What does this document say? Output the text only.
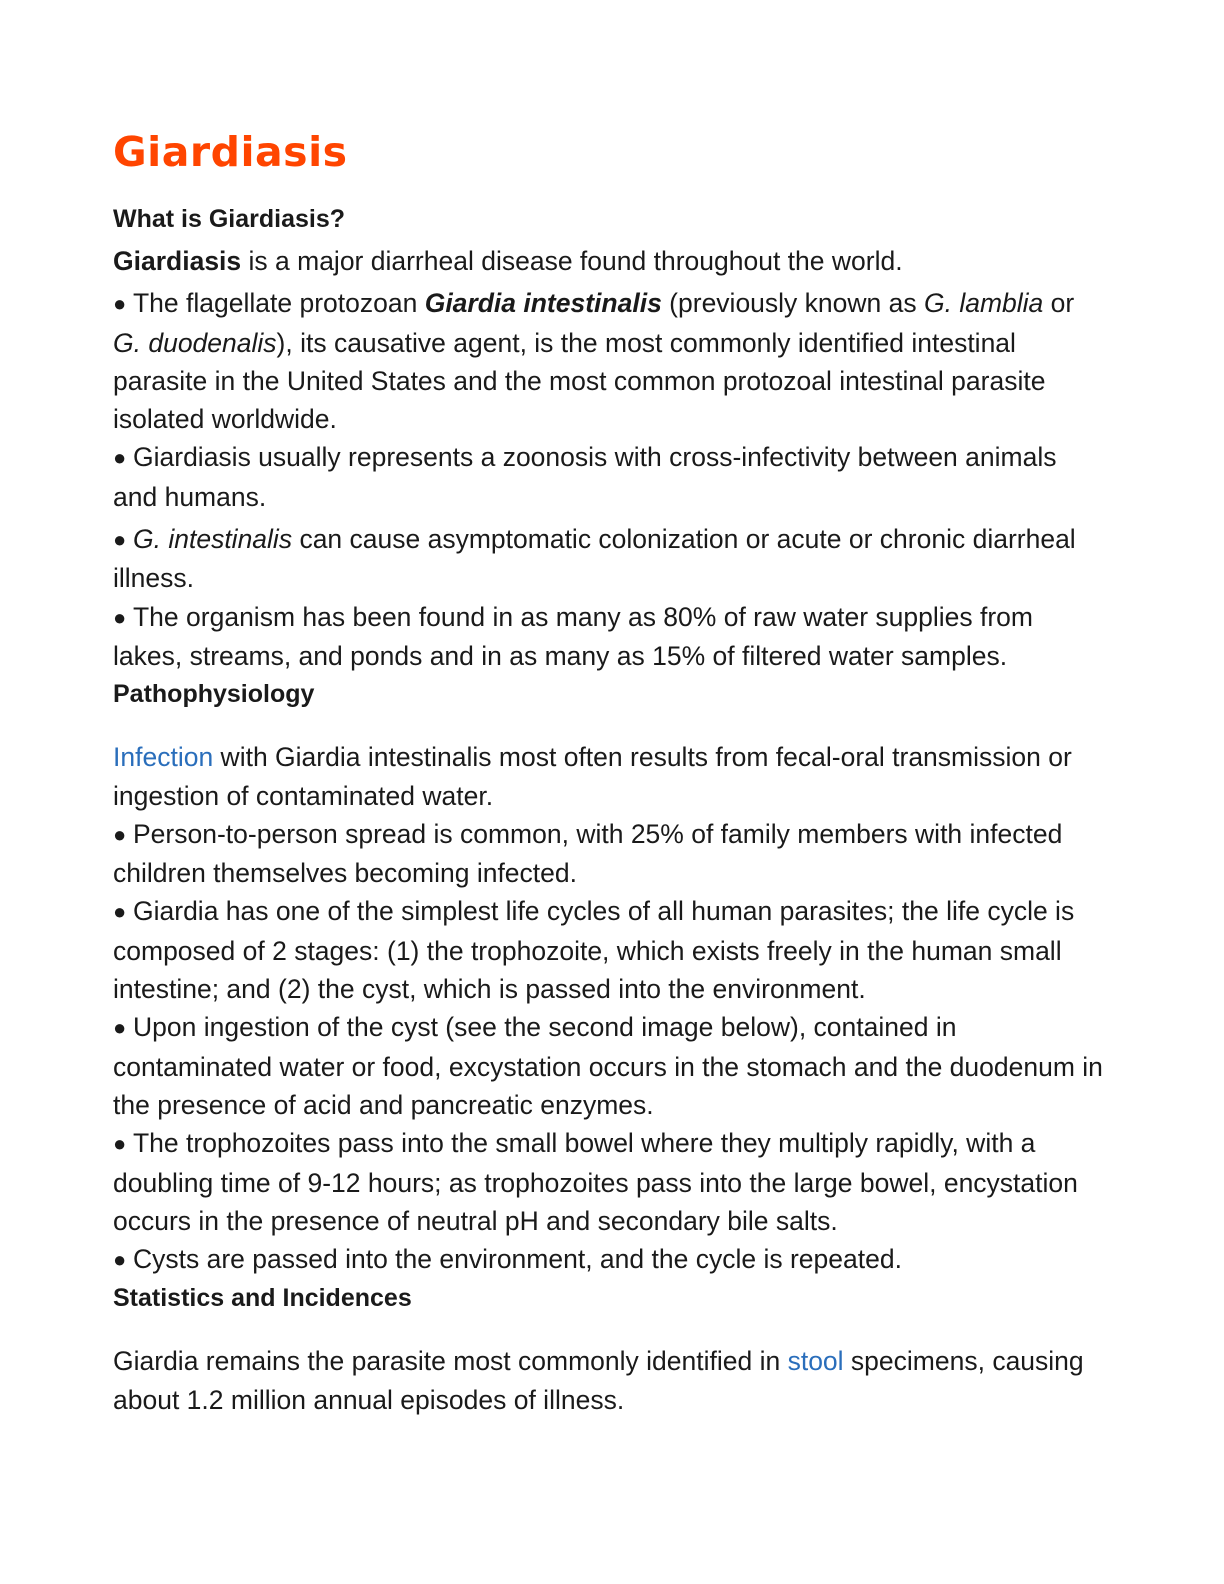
Giardiasis
What is Giardiasis?

Giardiasis is a major diarrheal disease found throughout the world.

● The flagellate protozoan Giardia intestinalis (previously known as G. lamblia or G. duodenalis), its causative agent, is the most commonly identified intestinal parasite in the United States and the most common protozoal intestinal parasite isolated worldwide.

● Giardiasis usually represents a zoonosis with cross-infectivity between animals and humans.

● G. intestinalis can cause asymptomatic colonization or acute or chronic diarrheal illness.

● The organism has been found in as many as 80% of raw water supplies from lakes, streams, and ponds and in as many as 15% of filtered water samples.

Pathophysiology

Infection with Giardia intestinalis most often results from fecal-oral transmission or ingestion of contaminated water.

● Person-to-person spread is common, with 25% of family members with infected children themselves becoming infected.

● Giardia has one of the simplest life cycles of all human parasites; the life cycle is composed of 2 stages: (1) the trophozoite, which exists freely in the human small intestine; and (2) the cyst, which is passed into the environment.

● Upon ingestion of the cyst (see the second image below), contained in contaminated water or food, excystation occurs in the stomach and the duodenum in the presence of acid and pancreatic enzymes.

● The trophozoites pass into the small bowel where they multiply rapidly, with a doubling time of 9-12 hours; as trophozoites pass into the large bowel, encystation occurs in the presence of neutral pH and secondary bile salts.

● Cysts are passed into the environment, and the cycle is repeated.

Statistics and Incidences

Giardia remains the parasite most commonly identified in stool specimens, causing about 1.2 million annual episodes of illness.
